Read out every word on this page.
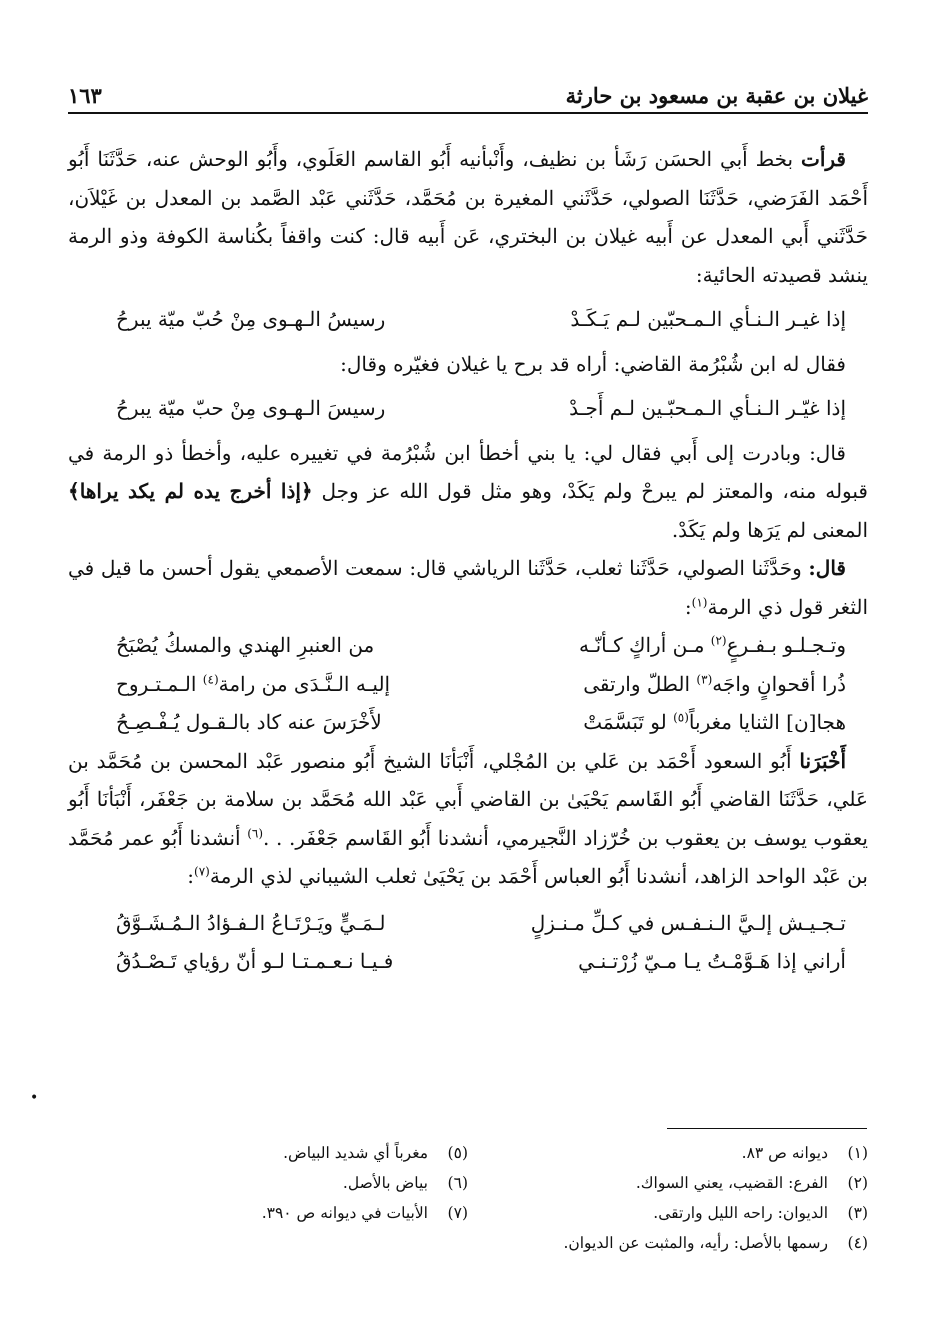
غيلان بن عقبة بن مسعود بن حارثة
١٦٣

قرأت بخط أَبي الحسَن رَشَأ بن نظيف، وأَنْبأنيه أَبُو القاسم العَلَوي، وأَبُو الوحش عنه، حَدَّثَنَا أَبُو أَحْمَد الفَرَضي، حَدَّثَنَا الصولي، حَدَّثَني المغيرة بن مُحَمَّد، حَدَّثَني عَبْد الصَّمد بن المعدل بن غَيْلاَن، حَدَّثَني أَبي المعدل عن أَبيه غيلان بن البختري، عَن أَبيه قال: كنت واقفاً بكُناسة الكوفة وذو الرمة ينشد قصيدته الحائية:

إذا غيـر الـنـأي الـمـحبّين لـم يَـكَـدْ
رسيسُ الـهـوى مِنْ حُبّ ميّة يبرحُ

فقال له ابن شُبْرُمة القاضي: أراه قد برح يا غيلان فغيّره وقال:

إذا غيّـر الـنـأي الـمـحبّـين لـم أَجـدْ
رسيسَ الـهـوى مِنْ حبّ ميّة يبرحُ

قال: وبادرت إلى أَبي فقال لي: يا بني أخطأ ابن شُبْرُمة في تغييره عليه، وأخطأ ذو الرمة في قبوله منه، والمعتز لم يبرحْ ولم يَكَدْ، وهو مثل قول الله عز وجل ﴿إذا أخرج يده لم يكد يراها﴾ المعنى لم يَرَها ولم يَكَدْ.

قال: وحَدَّثَنا الصولي، حَدَّثَنا ثعلب، حَدَّثَنا الرياشي قال: سمعت الأصمعي يقول أحسن ما قيل في الثغر قول ذي الرمة$^{(١)}$:

وتـجـلـو بـفـرعٍ$^{(٢)}$ مـن أراكٍ كـأنّـه
من العنبرِ الهندي والمسكُ يُصْبَحُ
ذُرا أقحوانٍ واجَه$^{(٣)}$ الطلّ وارتقى
إليـه الـنَّـدَى من رامة$^{(٤)}$ الـمـتـروح
هجا[ن] الثنايا مغرباً$^{(٥)}$ لو تَبَسَّمَتْ
لأَخْرَسَ عنه كاد بالـقـول يُـفْـصِـحُ

أَخْبَرَنا أَبُو السعود أَحْمَد بن عَلي بن المُجْلي، أَنْبَأنَا الشيخ أَبُو منصور عَبْد المحسن بن مُحَمَّد بن عَلي، حَدَّثَنَا القاضي أَبُو القَاسم يَحْيَىٰ بن القاضي أَبي عَبْد الله مُحَمَّد بن سلامة بن جَعْفَر، أَنْبَأنَا أَبُو يعقوب يوسف بن يعقوب بن خُرّزاد النَّجيرمي، أنشدنا أَبُو القَاسم جَعْفَر. . .$^{(٦)}$ أنشدنا أَبُو عمر مُحَمَّد بن عَبْد الواحد الزاهد، أنشدنا أَبُو العباس أَحْمَد بن يَحْيَىٰ ثعلب الشيباني لذي الرمة$^{(٧)}$:

تـجـيـش إلـيَّ الـنـفـس في كـلِّ مـنـزلٍ
لـمَـيٍّ ويَـرْتَـاعُ الـفـؤادُ الـمُـشَـوَّقُ
أراني إذا هَـوَّمْـتُ يـا مـيّ زُرْتـنـي
فـيـا نـعـمـتـا لـو أنّ رؤياي تَـصْـدُقُ
•
(١)
ديوانه ص ٨٣.
(٢)
الفرع: القضيب، يعني السواك.
(٣)
الديوان: راحه الليل وارتقى.
(٤)
رسمها بالأصل: رأيه، والمثبت عن الديوان.
(٥)
مغرباً أي شديد البياض.
(٦)
بياض بالأصل.
(٧)
الأبيات في ديوانه ص ٣٩٠.
